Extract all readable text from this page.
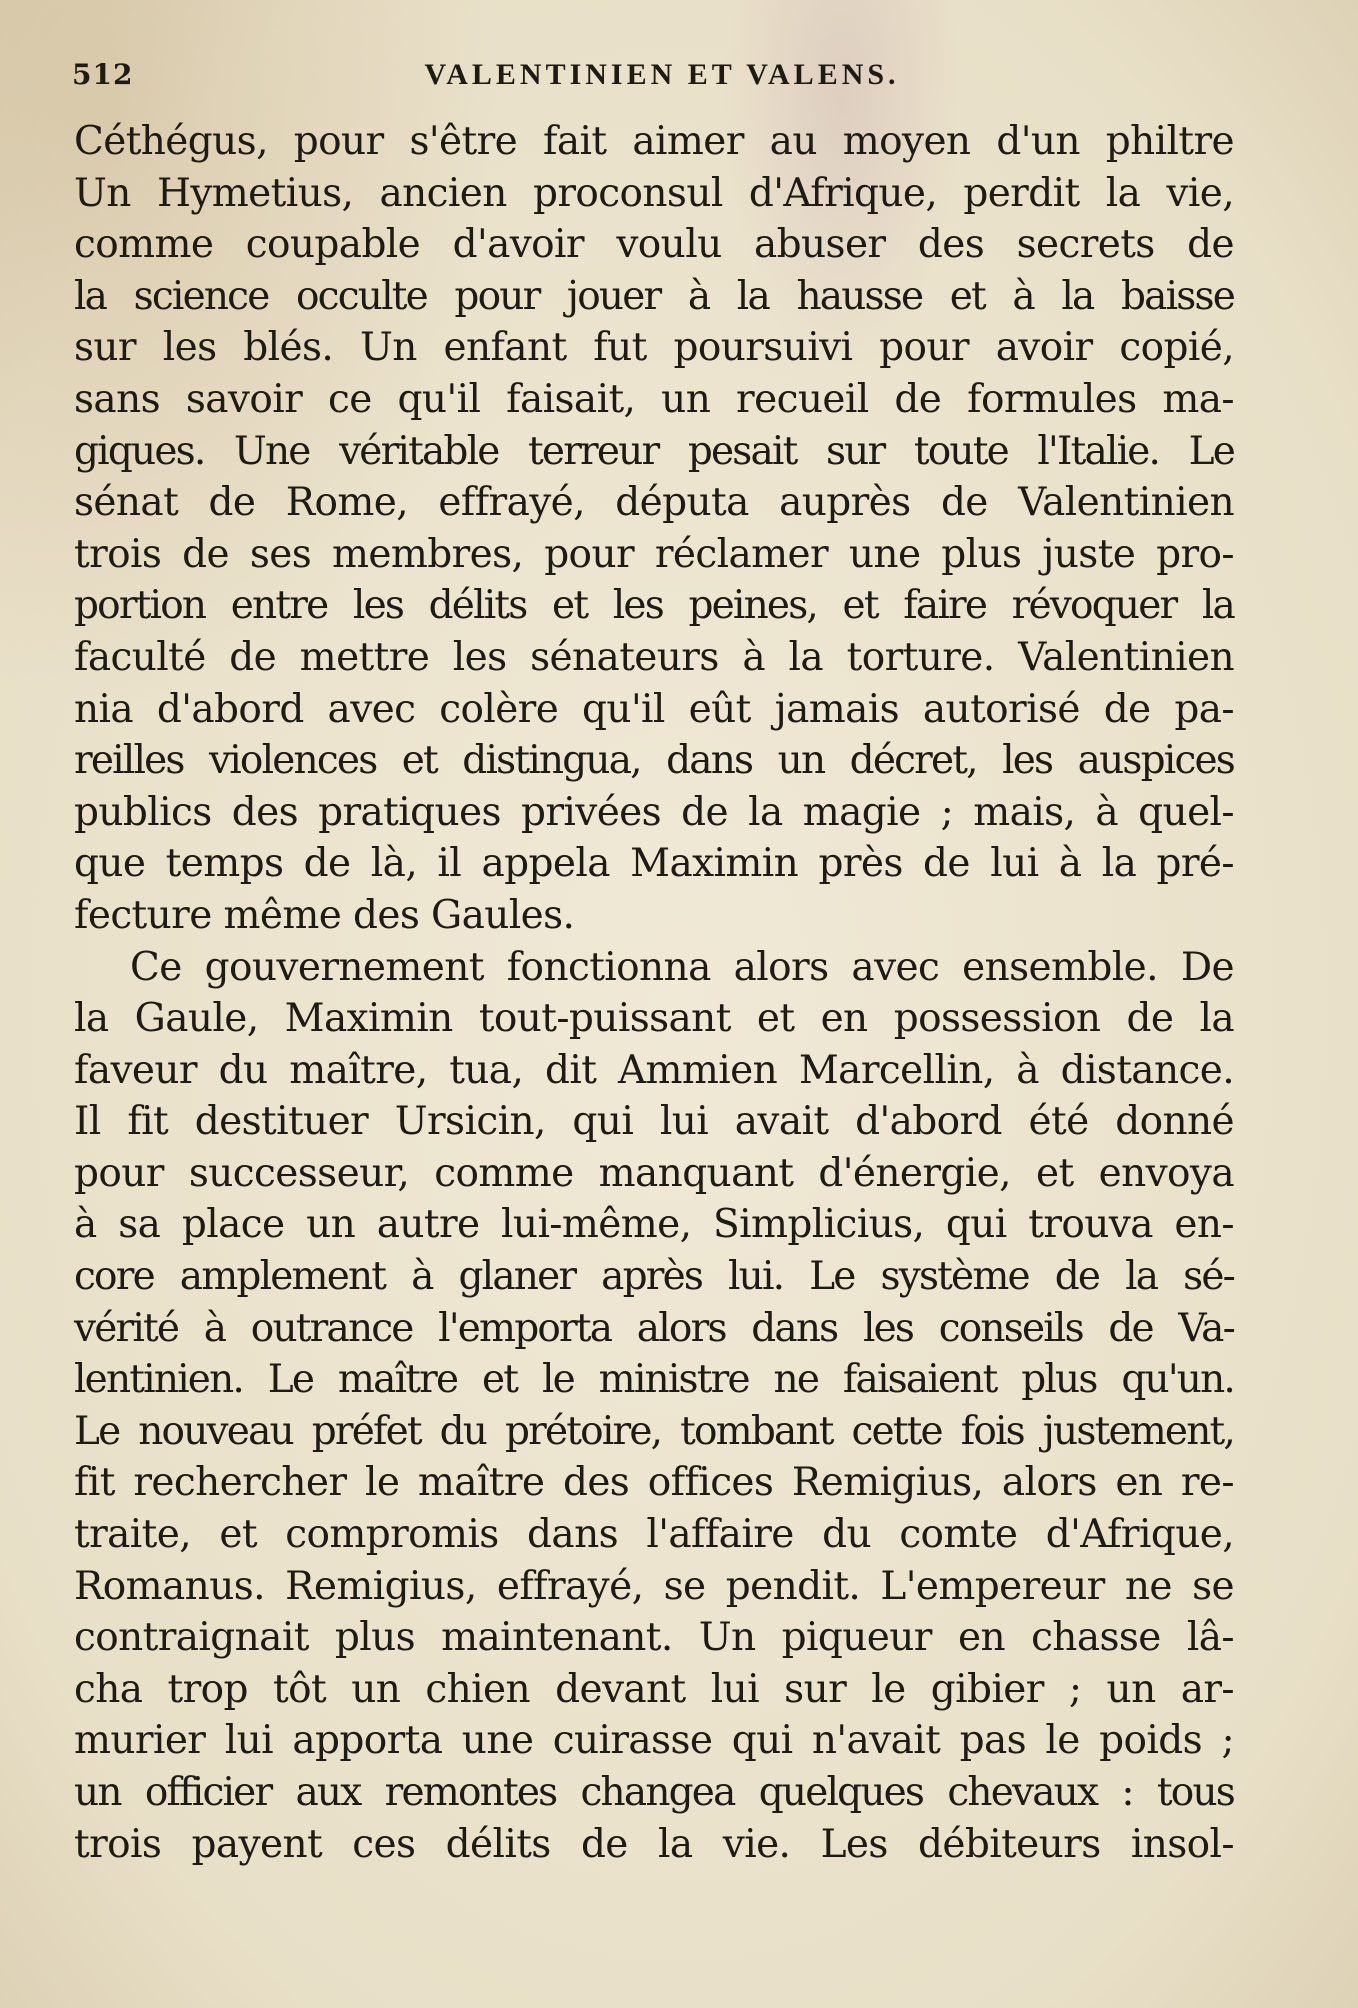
512	VALENTINIEN ET VALENS.
Céthégus, pour s'être fait aimer au moyen d'un philtre
Un Hymetius, ancien proconsul d'Afrique, perdit la vie,
comme coupable d'avoir voulu abuser des secrets de
la science occulte pour jouer à la hausse et à la baisse
sur les blés. Un enfant fut poursuivi pour avoir copié,
sans savoir ce qu'il faisait, un recueil de formules ma-
giques. Une véritable terreur pesait sur toute l'Italie. Le
sénat de Rome, effrayé, députa auprès de Valentinien
trois de ses membres, pour réclamer une plus juste pro-
portion entre les délits et les peines, et faire révoquer la
faculté de mettre les sénateurs à la torture. Valentinien
nia d'abord avec colère qu'il eût jamais autorisé de pa-
reilles violences et distingua, dans un décret, les auspices
publics des pratiques privées de la magie ; mais, à quel-
que temps de là, il appela Maximin près de lui à la pré-
fecture même des Gaules.
Ce gouvernement fonctionna alors avec ensemble. De
la Gaule, Maximin tout-puissant et en possession de la
faveur du maître, tua, dit Ammien Marcellin, à distance.
Il fit destituer Ursicin, qui lui avait d'abord été donné
pour successeur, comme manquant d'énergie, et envoya
à sa place un autre lui-même, Simplicius, qui trouva en-
core amplement à glaner après lui. Le système de la sé-
vérité à outrance l'emporta alors dans les conseils de Va-
lentinien. Le maître et le ministre ne faisaient plus qu'un.
Le nouveau préfet du prétoire, tombant cette fois justement,
fit rechercher le maître des offices Remigius, alors en re-
traite, et compromis dans l'affaire du comte d'Afrique,
Romanus. Remigius, effrayé, se pendit. L'empereur ne se
contraignait plus maintenant. Un piqueur en chasse lâ-
cha trop tôt un chien devant lui sur le gibier ; un ar-
murier lui apporta une cuirasse qui n'avait pas le poids ;
un officier aux remontes changea quelques chevaux : tous
trois payent ces délits de la vie. Les débiteurs insol-
